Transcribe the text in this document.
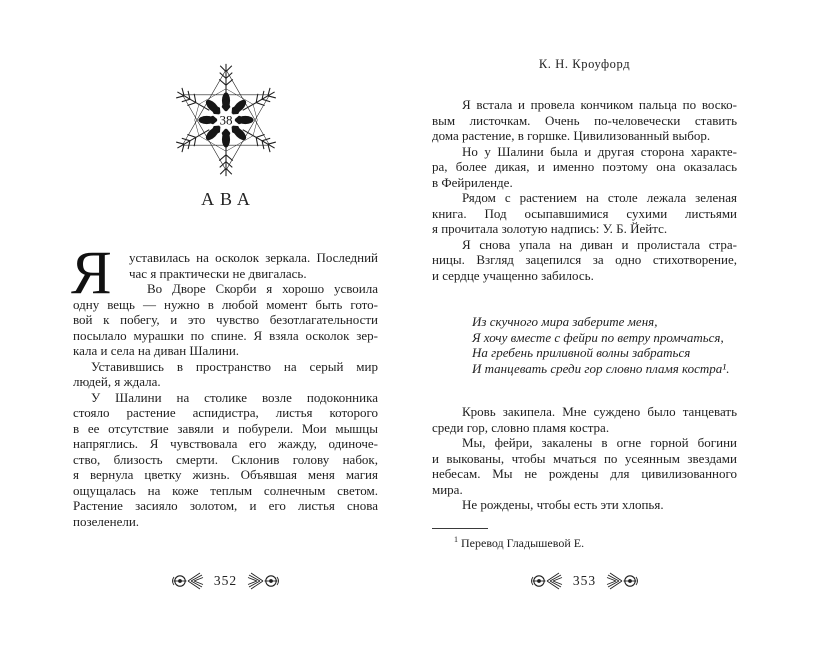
38
АВА
Я уставилась на осколок зеркала. Последний
час я практически не двигалась.
Во Дворе Скорби я хорошо усвоила
одну вещь — нужно в любой момент быть гото-
вой к побегу, и это чувство безотлагательности
посылало мурашки по спине. Я взяла осколок зер-
кала и села на диван Шалини.
Уставившись в пространство на серый мир
людей, я ждала.
У Шалини на столике возле подоконника
стояло растение аспидистра, листья которого
в ее отсутствие завяли и побурели. Мои мышцы
напряглись. Я чувствовала его жажду, одиноче-
ство, близость смерти. Склонив голову набок,
я вернула цветку жизнь. Объявшая меня магия
ощущалась на коже теплым солнечным светом.
Растение засияло золотом, и его листья снова
позеленели.
352
К. Н. Кроуфорд
Я встала и провела кончиком пальца по воско-
вым листочкам. Очень по-человечески ставить
дома растение, в горшке. Цивилизованный выбор.
Но у Шалини была и другая сторона характе-
ра, более дикая, и именно поэтому она оказалась
в Фейриленде.
Рядом с растением на столе лежала зеленая
книга. Под осыпавшимися сухими листьями
я прочитала золотую надпись: У. Б. Йейтс.
Я снова упала на диван и пролистала стра-
ницы. Взгляд зацепился за одно стихотворение,
и сердце учащенно забилось.
Из скучного мира заберите меня,
Я хочу вместе с фейри по ветру промчаться,
На гребень приливной волны забраться
И танцевать среди гор словно пламя костра¹.
Кровь закипела. Мне суждено было танцевать
среди гор, словно пламя костра.
Мы, фейри, закалены в огне горной богини
и выкованы, чтобы мчаться по усеянным звездами
небесам. Мы не рождены для цивилизованного
мира.
Не рождены, чтобы есть эти хлопья.
$^1$ Перевод Гладышевой Е.
353
